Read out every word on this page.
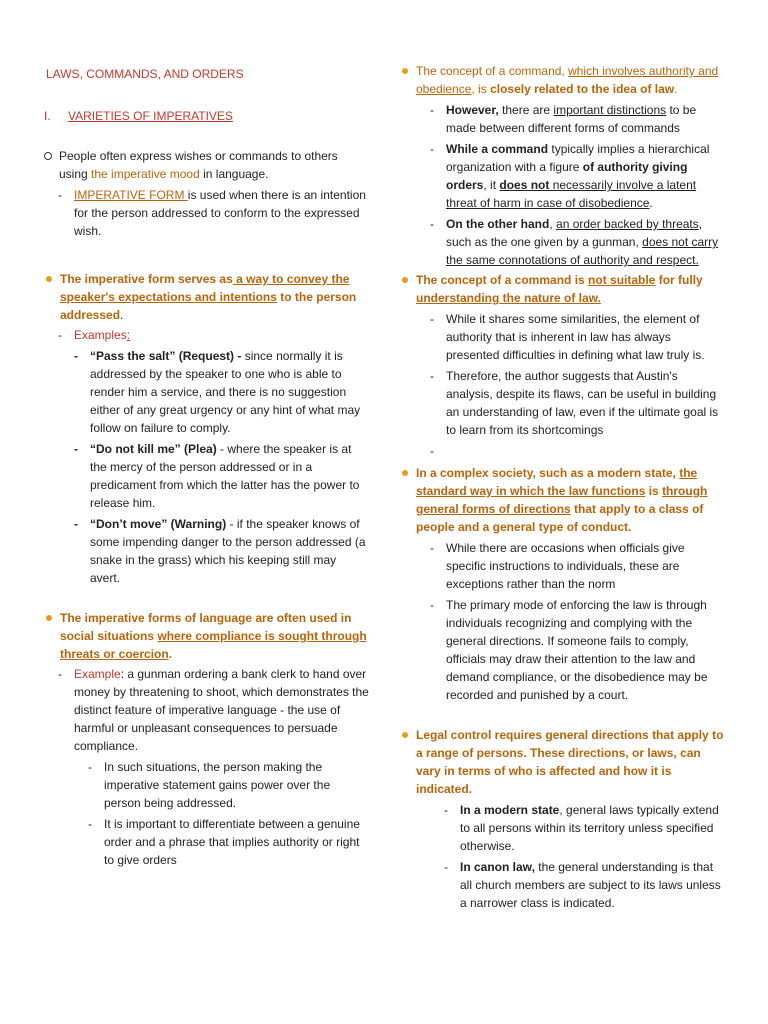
LAWS, COMMANDS, AND ORDERS
I.	VARIETIES OF IMPERATIVES

People often express wishes or commands to others using the imperative mood in language.

- IMPERATIVE FORM is used when there is an intention for the person addressed to conform to the expressed wish.

The imperative form serves as a way to convey the speaker's expectations and intentions to the person addressed.

- Examples:

- “Pass the salt” (Request) - since normally it is addressed by the speaker to one who is able to render him a service, and there is no suggestion either of any great urgency or any hint of what may follow on failure to comply.

- “Do not kill me” (Plea) - where the speaker is at the mercy of the person addressed or in a predicament from which the latter has the power to release him.

- “Don’t move” (Warning) - if the speaker knows of some impending danger to the person addressed (a snake in the grass) which his keeping still may avert.

The imperative forms of language are often used in social situations where compliance is sought through threats or coercion.

- Example: a gunman ordering a bank clerk to hand over money by threatening to shoot, which demonstrates the distinct feature of imperative language - the use of harmful or unpleasant consequences to persuade compliance.

- In such situations, the person making the imperative statement gains power over the person being addressed.

- It is important to differentiate between a genuine order and a phrase that implies authority or right to give orders

The concept of a command, which involves authority and obedience, is closely related to the idea of law.

- However, there are important distinctions to be made between different forms of commands

- While a command typically implies a hierarchical organization with a figure of authority giving orders, it does not necessarily involve a latent threat of harm in case of disobedience.

- On the other hand, an order backed by threats, such as the one given by a gunman, does not carry the same connotations of authority and respect.

The concept of a command is not suitable for fully understanding the nature of law.

- While it shares some similarities, the element of authority that is inherent in law has always presented difficulties in defining what law truly is.

- Therefore, the author suggests that Austin's analysis, despite its flaws, can be useful in building an understanding of law, even if the ultimate goal is to learn from its shortcomings

-

In a complex society, such as a modern state, the standard way in which the law functions is through general forms of directions that apply to a class of people and a general type of conduct.

- While there are occasions when officials give specific instructions to individuals, these are exceptions rather than the norm

- The primary mode of enforcing the law is through individuals recognizing and complying with the general directions. If someone fails to comply, officials may draw their attention to the law and demand compliance, or the disobedience may be recorded and punished by a court.

Legal control requires general directions that apply to a range of persons. These directions, or laws, can vary in terms of who is affected and how it is indicated.

- In a modern state, general laws typically extend to all persons within its territory unless specified otherwise.

- In canon law, the general understanding is that all church members are subject to its laws unless a narrower class is indicated.
